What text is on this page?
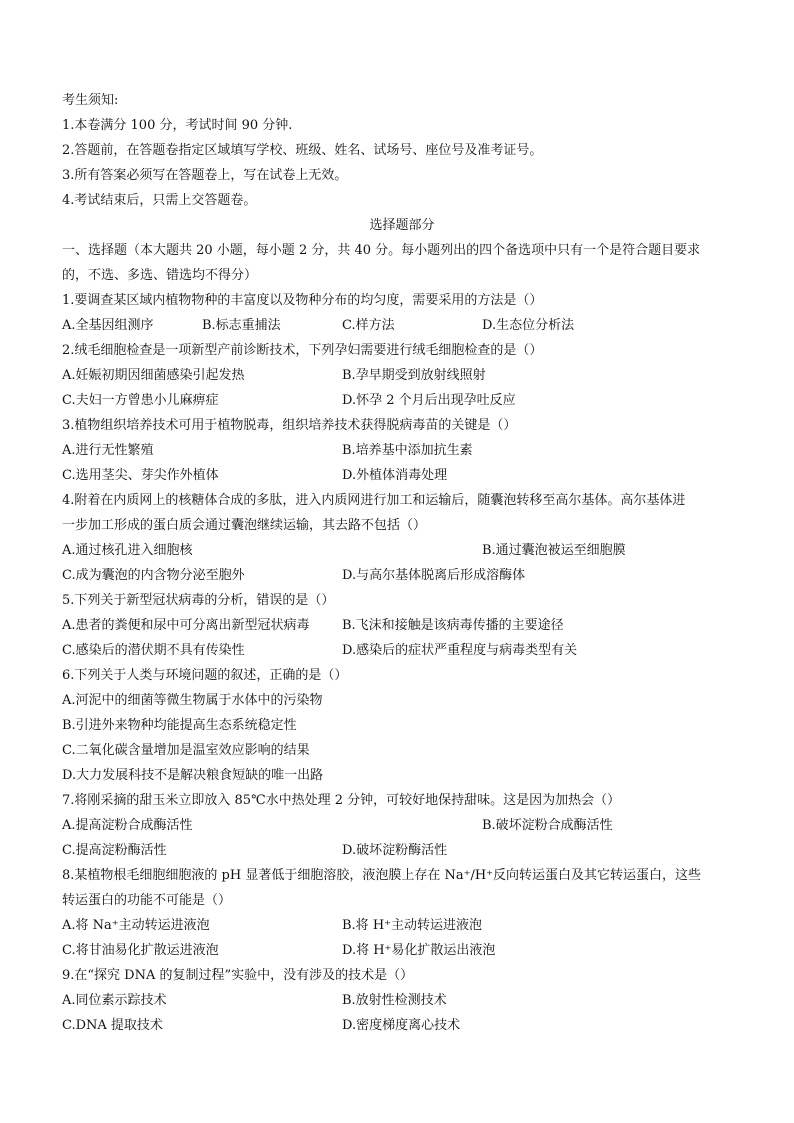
考生须知:
1.本卷满分 100 分，考试时间 90 分钟.
2.答题前，在答题卷指定区域填写学校、班级、姓名、试场号、座位号及准考证号。
3.所有答案必须写在答题卷上，写在试卷上无效。
4.考试结束后，只需上交答题卷。
选择题部分
一、选择题（本大题共 20 小题，每小题 2 分，共 40 分。每小题列出的四个备选项中只有一个是符合题目要求
的，不选、多选、错选均不得分）
1.要调查某区域内植物物种的丰富度以及物种分布的均匀度，需要采用的方法是（）
A.全基因组测序	B.标志重捕法	C.样方法	D.生态位分析法
2.绒毛细胞检查是一项新型产前诊断技术，下列孕妇需要进行绒毛细胞检查的是（）
A.妊娠初期因细菌感染引起发热	B.孕早期受到放射线照射
C.夫妇一方曾患小儿麻痹症	D.怀孕 2 个月后出现孕吐反应
3.植物组织培养技术可用于植物脱毒，组织培养技术获得脱病毒苗的关键是（）
A.进行无性繁殖	B.培养基中添加抗生素
C.选用茎尖、芽尖作外植体	D.外植体消毒处理
4.附着在内质网上的核糖体合成的多肽，进入内质网进行加工和运输后，随囊泡转移至高尔基体。高尔基体进
一步加工形成的蛋白质会通过囊泡继续运输，其去路不包括（）
A.通过核孔进入细胞核	B.通过囊泡被运至细胞膜
C.成为囊泡的内含物分泌至胞外	D.与高尔基体脱离后形成溶酶体
5.下列关于新型冠状病毒的分析，错误的是（）
A.患者的粪便和尿中可分离出新型冠状病毒	B.飞沫和接触是该病毒传播的主要途径
C.感染后的潜伏期不具有传染性	D.感染后的症状严重程度与病毒类型有关
6.下列关于人类与环境问题的叙述，正确的是（）
A.河泥中的细菌等微生物属于水体中的污染物
B.引进外来物种均能提高生态系统稳定性
C.二氧化碳含量增加是温室效应影响的结果
D.大力发展科技不是解决粮食短缺的唯一出路
7.将刚采摘的甜玉米立即放入 85℃水中热处理 2 分钟，可较好地保持甜味。这是因为加热会（）
A.提高淀粉合成酶活性	B.破坏淀粉合成酶活性
C.提高淀粉酶活性	D.破坏淀粉酶活性
8.某植物根毛细胞细胞液的 pH 显著低于细胞溶胶，液泡膜上存在 Na⁺/H⁺反向转运蛋白及其它转运蛋白，这些
转运蛋白的功能不可能是（）
A.将 Na⁺主动转运进液泡	B.将 H⁺主动转运进液泡
C.将甘油易化扩散运进液泡	D.将 H⁺易化扩散运出液泡
9.在“探究 DNA 的复制过程”实验中，没有涉及的技术是（）
A.同位素示踪技术	B.放射性检测技术
C.DNA 提取技术	D.密度梯度离心技术
